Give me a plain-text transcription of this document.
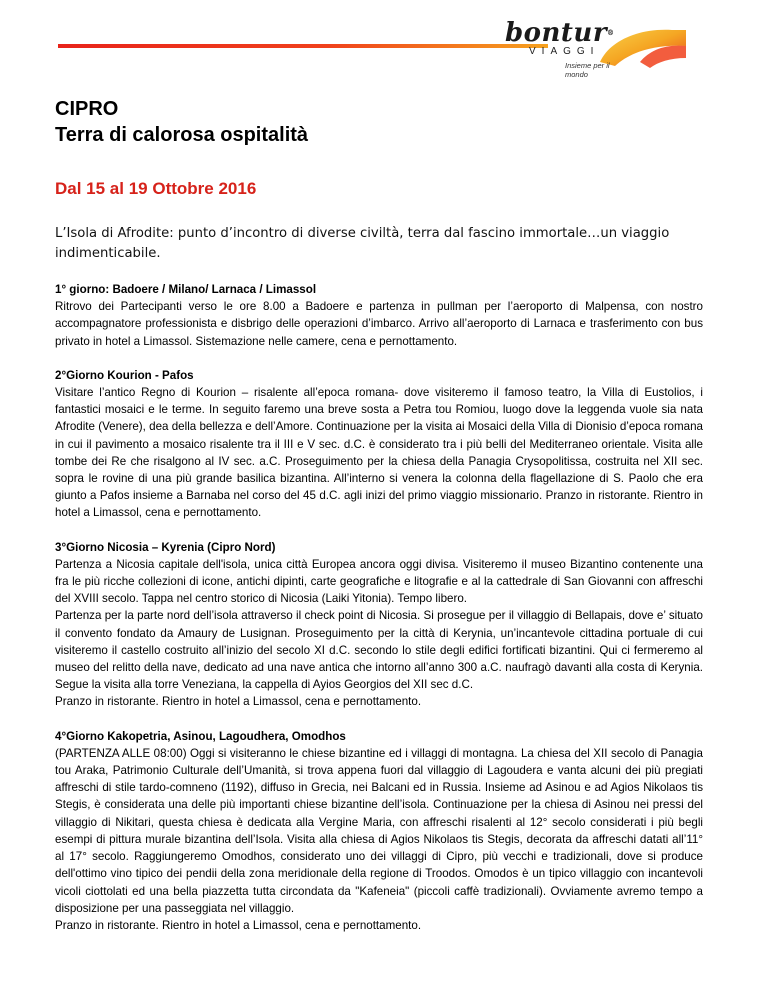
bontur®
VIAGGI
Insieme per il mondo
CIPRO
Terra di calorosa ospitalità
Dal 15 al 19 Ottobre 2016
L’Isola di Afrodite: punto d’incontro di diverse civiltà, terra dal fascino immortale…un viaggio indimenticabile.
1° giorno: Badoere / Milano/ Larnaca / Limassol

Ritrovo dei Partecipanti verso le ore 8.00 a Badoere e partenza in pullman per l’aeroporto di Malpensa, con nostro accompagnatore professionista e disbrigo delle operazioni d’imbarco. Arrivo all’aeroporto di Larnaca e trasferimento con bus privato in hotel a Limassol. Sistemazione nelle camere, cena e pernottamento.

2°Giorno Kourion - Pafos

Visitare l’antico Regno di Kourion – risalente all’epoca romana- dove visiteremo il famoso teatro, la Villa di Eustolios, i fantastici mosaici e le terme. In seguito faremo una breve sosta a Petra tou Romiou, luogo dove la leggenda vuole sia nata Afrodite (Venere), dea della bellezza e dell’Amore. Continuazione per la visita ai Mosaici della Villa di Dionisio d’epoca romana in cui il pavimento a mosaico risalente tra il III e V sec. d.C. è considerato tra i più belli del Mediterraneo orientale. Visita alle tombe dei Re che risalgono al IV sec. a.C. Proseguimento per la chiesa della Panagia Crysopolitissa, costruita nel XII sec. sopra le rovine di una più grande basilica bizantina. All’interno si venera la colonna della flagellazione di S. Paolo che era giunto a Pafos insieme a Barnaba nel corso del 45 d.C. agli inizi del primo viaggio missionario. Pranzo in ristorante. Rientro in hotel a Limassol, cena e pernottamento.

3°Giorno Nicosia – Kyrenia (Cipro Nord)

Partenza a Nicosia capitale dell'isola, unica città Europea ancora oggi divisa. Visiteremo il museo Bizantino contenente una fra le più ricche collezioni di icone, antichi dipinti, carte geografiche e litografie e al la cattedrale di San Giovanni con affreschi del XVIII secolo. Tappa nel centro storico di Nicosia (Laiki Yitonia). Tempo libero.

Partenza per la parte nord dell’isola attraverso il check point di Nicosia. Si prosegue per il villaggio di Bellapais, dove e’ situato il convento fondato da Amaury de Lusignan. Proseguimento per la città di Kerynia, un’incantevole cittadina portuale di cui visiteremo il castello costruito all’inizio del secolo XI d.C. secondo lo stile degli edifici fortificati bizantini. Qui ci fermeremo al museo del relitto della nave, dedicato ad una nave antica che intorno all’anno 300 a.C. naufragò davanti alla costa di Kerynia. Segue la visita alla torre Veneziana, la cappella di Ayios Georgios del XII sec d.C.

Pranzo in ristorante. Rientro in hotel a Limassol, cena e pernottamento.

4°Giorno Kakopetria, Asinou, Lagoudhera, Omodhos

(PARTENZA ALLE 08:00) Oggi si visiteranno le chiese bizantine ed i villaggi di montagna. La chiesa del XII secolo di Panagia tou Araka, Patrimonio Culturale dell’Umanità, si trova appena fuori dal villaggio di Lagoudera e vanta alcuni dei più pregiati affreschi di stile tardo-comneno (1192), diffuso in Grecia, nei Balcani ed in Russia. Insieme ad Asinou e ad Agios Nikolaos tis Stegis, è considerata una delle più importanti chiese bizantine dell’isola. Continuazione per la chiesa di Asinou nei pressi del villaggio di Nikitari, questa chiesa è dedicata alla Vergine Maria, con affreschi risalenti al 12° secolo considerati i più begli esempi di pittura murale bizantina dell’Isola. Visita alla chiesa di Agios Nikolaos tis Stegis, decorata da affreschi datati all’11° al 17° secolo. Raggiungeremo Omodhos, considerato uno dei villaggi di Cipro, più vecchi e tradizionali, dove si produce dell'ottimo vino tipico dei pendii della zona meridionale della regione di Troodos. Omodos è un tipico villaggio con incantevoli vicoli ciottolati ed una bella piazzetta tutta circondata da "Kafeneia" (piccoli caffè tradizionali). Ovviamente avremo tempo a disposizione per una passeggiata nel villaggio.

Pranzo in ristorante. Rientro in hotel a Limassol, cena e pernottamento.
